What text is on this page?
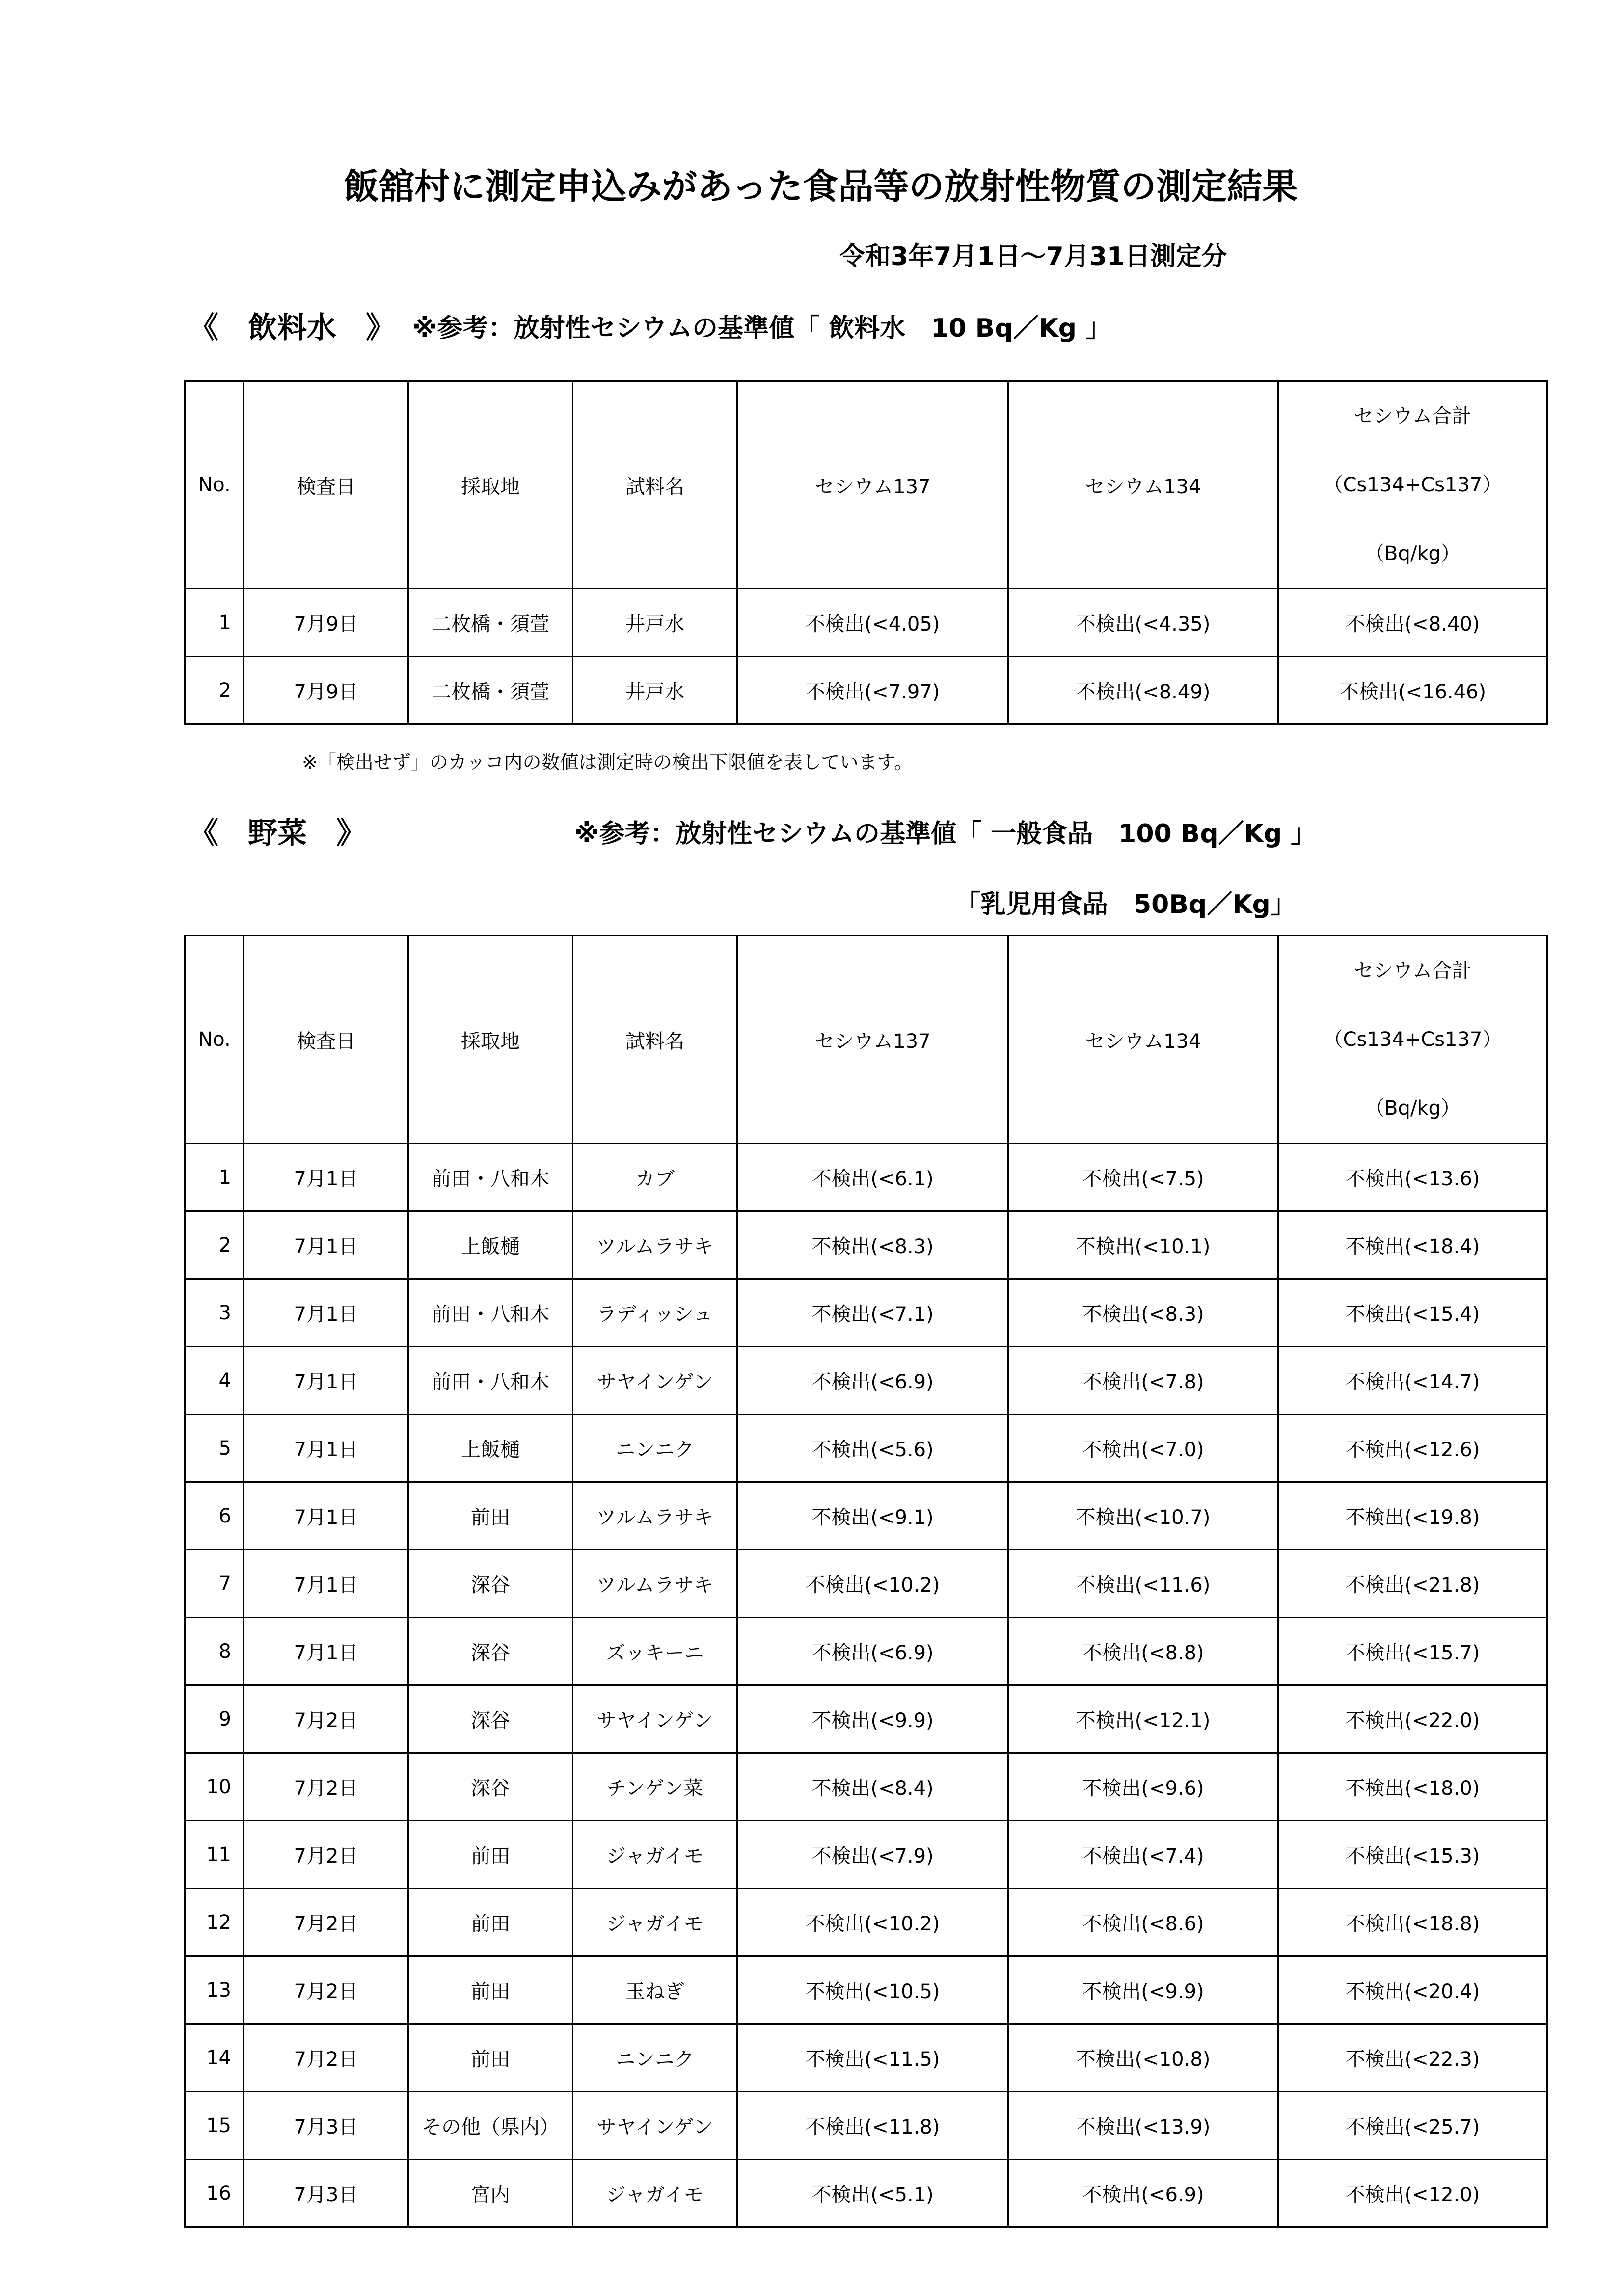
飯舘村に測定申込みがあった食品等の放射性物質の測定結果
令和3年7月1日～7月31日測定分
《　飲料水　》 ※参考：放射性セシウムの基準値「 飲料水　10 Bq／Kg 」
No.	検査日	採取地	試料名	セシウム137	セシウム134	セシウム合計
（Cs134+Cs137）
（Bq/kg）

1	7月9日	二枚橋・須萱	井戸水	不検出(<4.05)	不検出(<4.35)	不検出(<8.40)
2	7月9日	二枚橋・須萱	井戸水	不検出(<7.97)	不検出(<8.49)	不検出(<16.46)
※「検出せず」のカッコ内の数値は測定時の検出下限値を表しています。
《　野菜　》	※参考：放射性セシウムの基準値「 一般食品　100 Bq／Kg 」
「乳児用食品　50Bq／Kg」
No.	検査日	採取地	試料名	セシウム137	セシウム134	セシウム合計
（Cs134+Cs137）
（Bq/kg）

1	7月1日	前田・八和木	カブ	不検出(<6.1)	不検出(<7.5)	不検出(<13.6)
2	7月1日	上飯樋	ツルムラサキ	不検出(<8.3)	不検出(<10.1)	不検出(<18.4)
3	7月1日	前田・八和木	ラディッシュ	不検出(<7.1)	不検出(<8.3)	不検出(<15.4)
4	7月1日	前田・八和木	サヤインゲン	不検出(<6.9)	不検出(<7.8)	不検出(<14.7)
5	7月1日	上飯樋	ニンニク	不検出(<5.6)	不検出(<7.0)	不検出(<12.6)
6	7月1日	前田	ツルムラサキ	不検出(<9.1)	不検出(<10.7)	不検出(<19.8)
7	7月1日	深谷	ツルムラサキ	不検出(<10.2)	不検出(<11.6)	不検出(<21.8)
8	7月1日	深谷	ズッキーニ	不検出(<6.9)	不検出(<8.8)	不検出(<15.7)
9	7月2日	深谷	サヤインゲン	不検出(<9.9)	不検出(<12.1)	不検出(<22.0)
10	7月2日	深谷	チンゲン菜	不検出(<8.4)	不検出(<9.6)	不検出(<18.0)
11	7月2日	前田	ジャガイモ	不検出(<7.9)	不検出(<7.4)	不検出(<15.3)
12	7月2日	前田	ジャガイモ	不検出(<10.2)	不検出(<8.6)	不検出(<18.8)
13	7月2日	前田	玉ねぎ	不検出(<10.5)	不検出(<9.9)	不検出(<20.4)
14	7月2日	前田	ニンニク	不検出(<11.5)	不検出(<10.8)	不検出(<22.3)
15	7月3日	その他（県内）	サヤインゲン	不検出(<11.8)	不検出(<13.9)	不検出(<25.7)
16	7月3日	宮内	ジャガイモ	不検出(<5.1)	不検出(<6.9)	不検出(<12.0)
